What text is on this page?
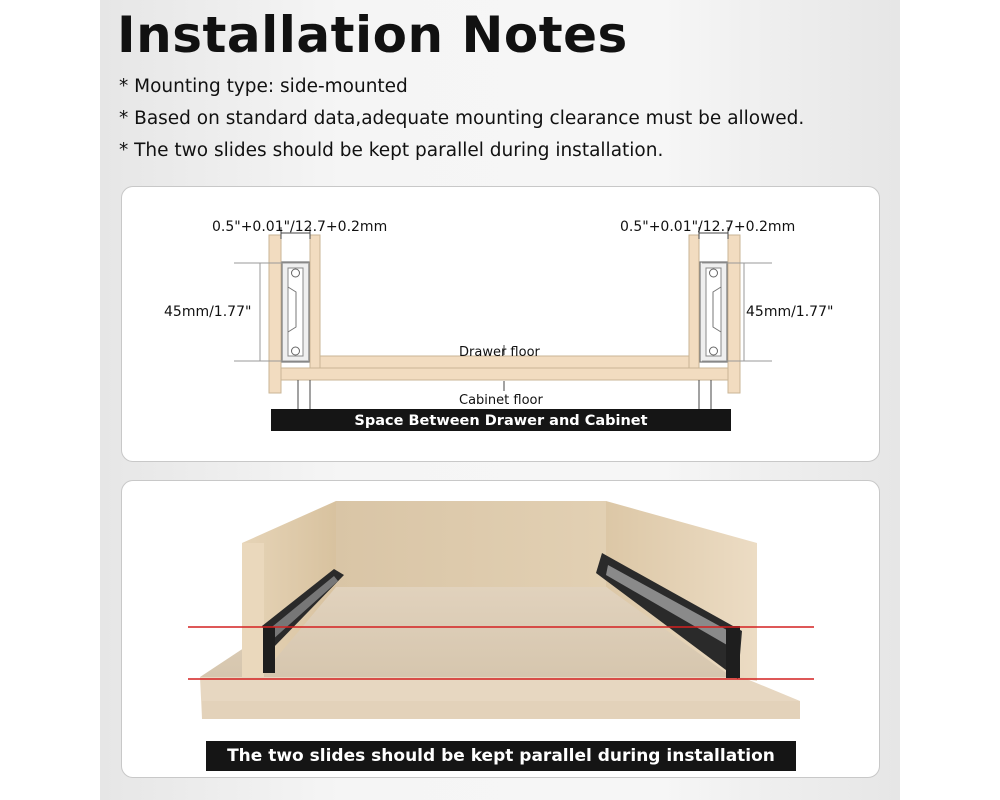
Installation Notes
* Mounting type: side-mounted
* Based on standard data,adequate mounting clearance must be allowed.
* The two slides should be kept parallel during installation.
0.5"+0.01"/12.7+0.2mm	0.5"+0.01"/12.7+0.2mm
45mm/1.77"	45mm/1.77"
Drawer floor
Cabinet floor
Space Between Drawer and Cabinet
The two slides should be kept parallel during installation
